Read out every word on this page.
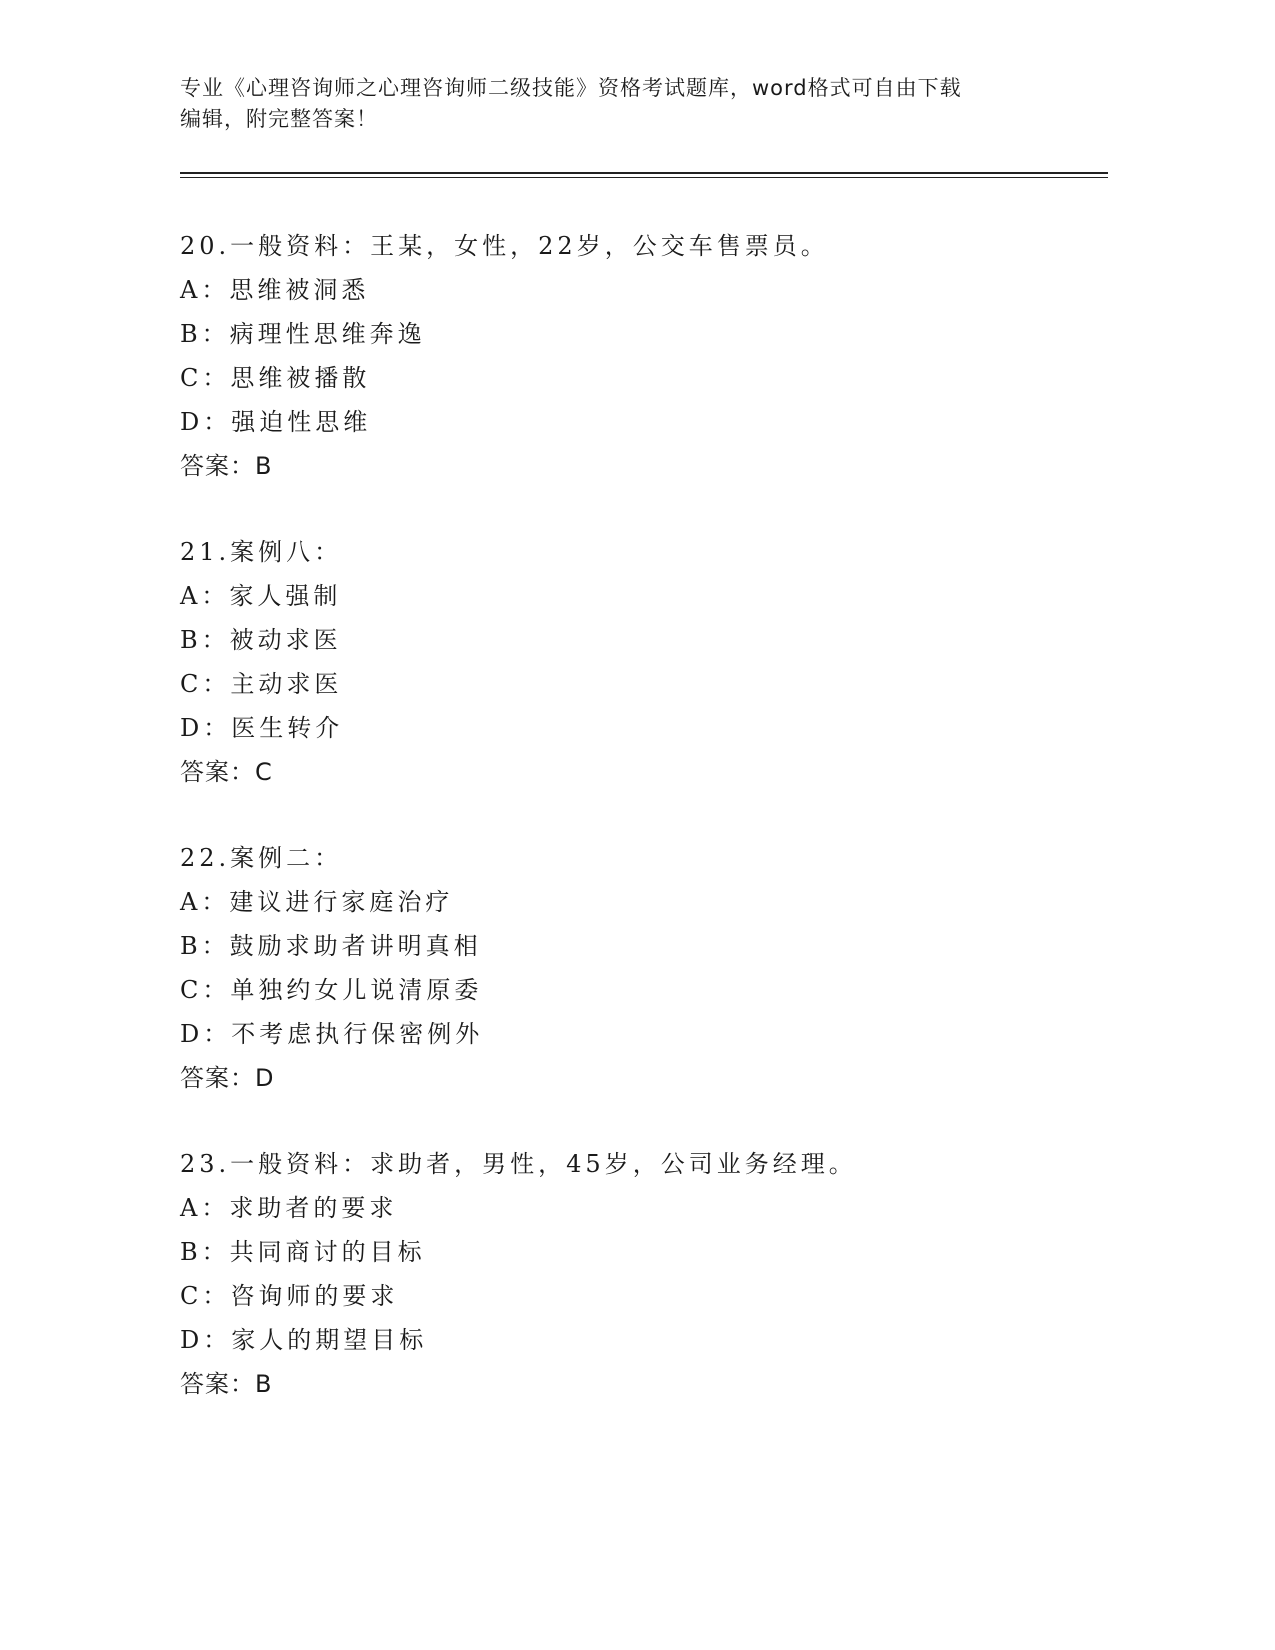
专业《心理咨询师之心理咨询师二级技能》资格考试题库，word格式可自由下载
编辑，附完整答案！
20.一般资料：王某，女性，22岁，公交车售票员。
A：思维被洞悉
B：病理性思维奔逸
C：思维被播散
D：强迫性思维
答案：B
21.案例八：
A：家人强制
B：被动求医
C：主动求医
D：医生转介
答案：C
22.案例二：
A：建议进行家庭治疗
B：鼓励求助者讲明真相
C：单独约女儿说清原委
D：不考虑执行保密例外
答案：D
23.一般资料：求助者，男性，45岁，公司业务经理。
A：求助者的要求
B：共同商讨的目标
C：咨询师的要求
D：家人的期望目标
答案：B
